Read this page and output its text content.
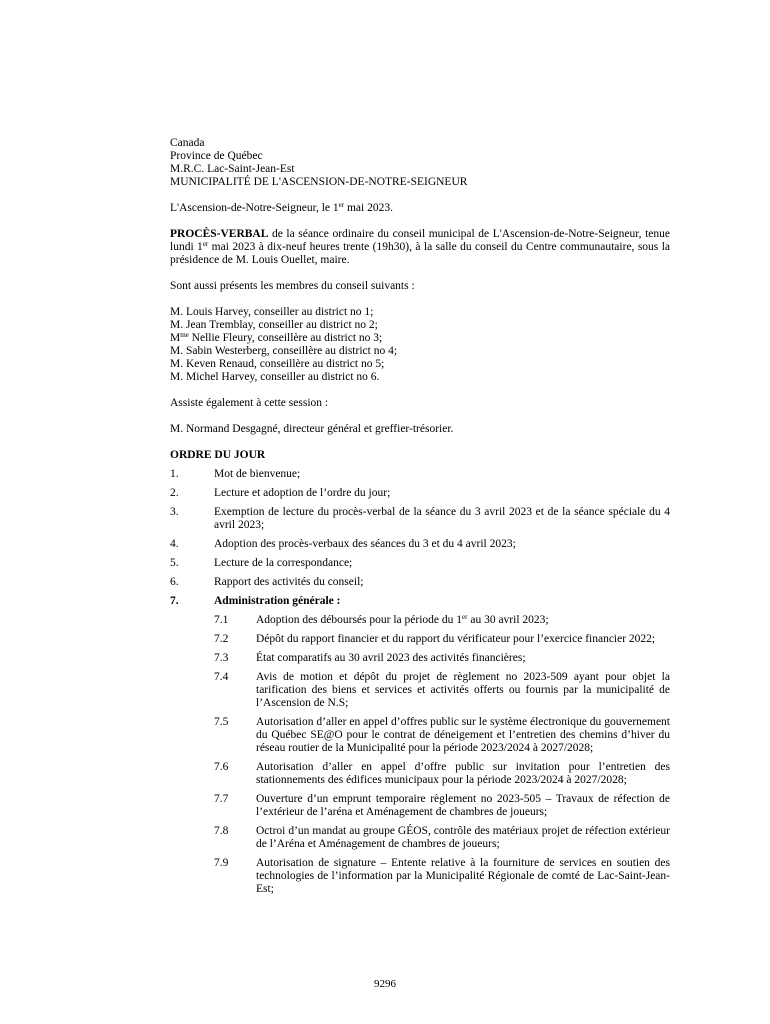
Canada
Province de Québec
M.R.C. Lac-Saint-Jean-Est
MUNICIPALITÉ DE L'ASCENSION-DE-NOTRE-SEIGNEUR

L'Ascension-de-Notre-Seigneur, le 1er mai 2023.

PROCÈS-VERBAL de la séance ordinaire du conseil municipal de L'Ascension-de-Notre-Seigneur, tenue lundi 1er mai 2023 à dix-neuf heures trente (19h30), à la salle du conseil du Centre communautaire, sous la présidence de M. Louis Ouellet, maire.

Sont aussi présents les membres du conseil suivants :

M. Louis Harvey, conseiller au district no 1;
M. Jean Tremblay, conseiller au district no 2;
$M^{me}$ Nellie Fleury, conseillère au district no 3;
M. Sabin Westerberg, conseillère au district no 4;
M. Keven Renaud, conseillère au district no 5;
M. Michel Harvey, conseiller au district no 6.

Assiste également à cette session :

M. Normand Desgagné, directeur général et greffier-trésorier.

ORDRE DU JOUR

1.	Mot de bienvenue;
2.	Lecture et adoption de l’ordre du jour;
3.	Exemption de lecture du procès-verbal de la séance du 3 avril 2023 et de la séance spéciale du 4 avril 2023;
4.	Adoption des procès-verbaux des séances du 3 et du 4 avril 2023;
5.	Lecture de la correspondance;
6.	Rapport des activités du conseil;
7.	Administration générale :
7.1	Adoption des déboursés pour la période du 1er au 30 avril 2023;
7.2	Dépôt du rapport financier et du rapport du vérificateur pour l’exercice financier 2022;
7.3	État comparatifs au 30 avril 2023 des activités financières;
7.4	Avis de motion et dépôt du projet de règlement no 2023-509 ayant pour objet la tarification des biens et services et activités offerts ou fournis par la municipalité de l’Ascension de N.S;
7.5	Autorisation d’aller en appel d’offres public sur le système électronique du gouvernement du Québec SE@O pour le contrat de déneigement et l’entretien des chemins d’hiver du réseau routier de la Municipalité pour la période 2023/2024 à 2027/2028;
7.6	Autorisation d’aller en appel d’offre public sur invitation pour l’entretien des stationnements des édifices municipaux pour la période 2023/2024 à 2027/2028;
7.7	Ouverture d’un emprunt temporaire règlement no 2023-505 – Travaux de réfection de l’extérieur de l’aréna et Aménagement de chambres de joueurs;
7.8	Octroi d’un mandat au groupe GÉOS, contrôle des matériaux projet de réfection extérieur de l’Aréna et Aménagement de chambres de joueurs;
7.9	Autorisation de signature – Entente relative à la fourniture de services en soutien des technologies de l’information par la Municipalité Régionale de comté de Lac-Saint-Jean-Est;
9296
